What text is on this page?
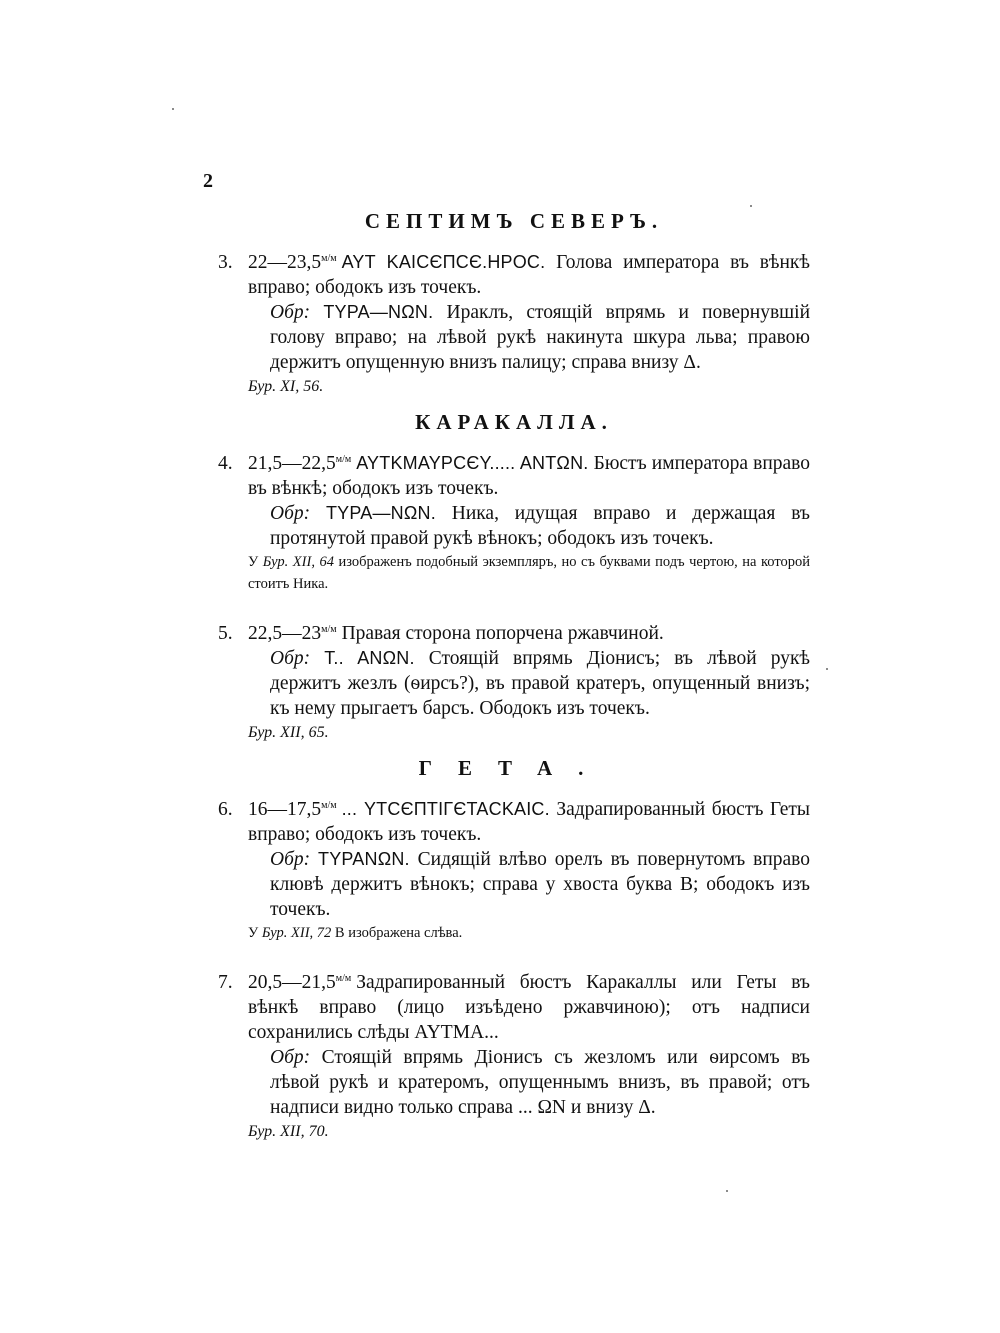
2
СЕПТИМЪ СЕВЕРЪ.

3. $22—23,5^{м/м}$ AYT KAICЄΠCЄ.HPOC. Голова императора въ вѣнкѣ вправо; ободокъ изъ точекъ.

Обр: TYPA—NΩN. Ираклъ, стоящiй впрямь и повернувшiй голову вправо; на лѣвой рукѣ накинута шкура льва; правою держитъ опущенную внизъ палицу; справа внизу Δ.

Бур. XI, 56.

КАРАКАЛЛА.

4. $21,5—22,5^{м/м}$ AYTKMAYPCЄY..... ANTΩN. Бюстъ императора вправо въ вѣнкѣ; ободокъ изъ точекъ.

Обр: TYPA—NΩN. Ника, идущая вправо и держащая въ протянутой правой рукѣ вѣнокъ; ободокъ изъ точекъ.

У Бур. XII, 64 изображенъ подобный экземпляръ, но съ буквами подъ чертою, на которой стоитъ Ника.

5. $22,5—23^{м/м}$ Правая сторона попорчена ржавчиной.

Обр: T.. ANΩN. Стоящiй впрямь Дiонисъ; въ лѣвой рукѣ держитъ жезлъ (ѳирсъ?), въ правой кратеръ, опущенный внизъ; къ нему прыгаетъ барсъ. Ободокъ изъ точекъ.

Бур. XII, 65.

ГЕТА.

6. $16—17,5^{м/м}$ ... YTCЄΠTIΓЄTACKAIC. Задрапированный бюстъ Геты вправо; ободокъ изъ точекъ.

Обр: TYPANΩN. Сидящiй влѣво орелъ въ повернутомъ вправо клювѣ держитъ вѣнокъ; справа у хвоста буква B; ободокъ изъ точекъ.

У Бур. XII, 72 B изображена слѣва.

7. $20,5—21,5^{м/м}$ Задрапированный бюстъ Каракаллы или Геты въ вѣнкѣ вправо (лицо изъѣдено ржавчиною); отъ надписи сохранились слѣды AYTMA...

Обр: Стоящiй впрямь Дiонисъ съ жезломъ или ѳирсомъ въ лѣвой рукѣ и кратеромъ, опущеннымъ внизъ, въ правой; отъ надписи видно только справа ... ΩN и внизу Δ.

Бур. XII, 70.
